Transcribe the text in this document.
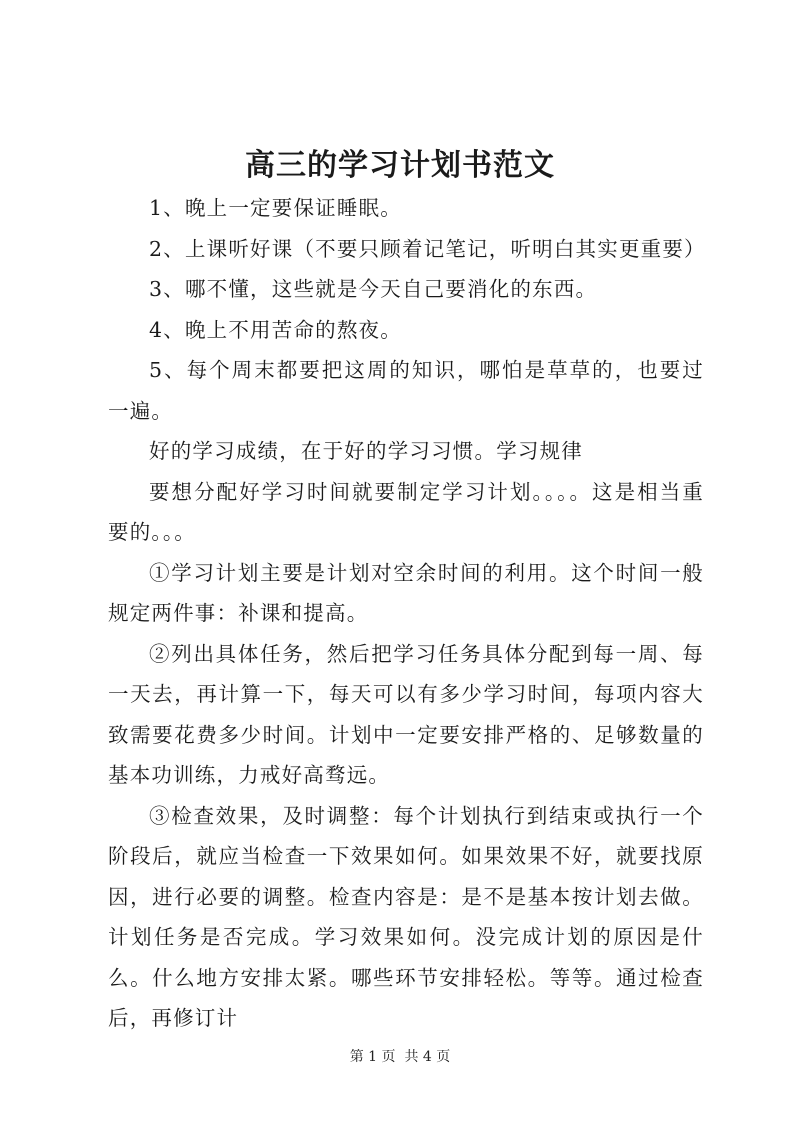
高三的学习计划书范文

1、晚上一定要保证睡眠。

2、上课听好课（不要只顾着记笔记，听明白其实更重要）

3、哪不懂，这些就是今天自己要消化的东西。

4、晚上不用苦命的熬夜。

5、每个周末都要把这周的知识，哪怕是草草的，也要过一遍。

好的学习成绩，在于好的学习习惯。学习规律

要想分配好学习时间就要制定学习计划。。。。这是相当重要的。。。

①学习计划主要是计划对空余时间的利用。这个时间一般规定两件事：补课和提高。

②列出具体任务，然后把学习任务具体分配到每一周、每一天去，再计算一下，每天可以有多少学习时间，每项内容大致需要花费多少时间。计划中一定要安排严格的、足够数量的基本功训练，力戒好高骛远。

③检查效果，及时调整：每个计划执行到结束或执行一个阶段后，就应当检查一下效果如何。如果效果不好，就要找原因，进行必要的调整。检查内容是：是不是基本按计划去做。计划任务是否完成。学习效果如何。没完成计划的原因是什么。什么地方安排太紧。哪些环节安排轻松。等等。通过检查后，再修订计

第 1 页  共 4 页
